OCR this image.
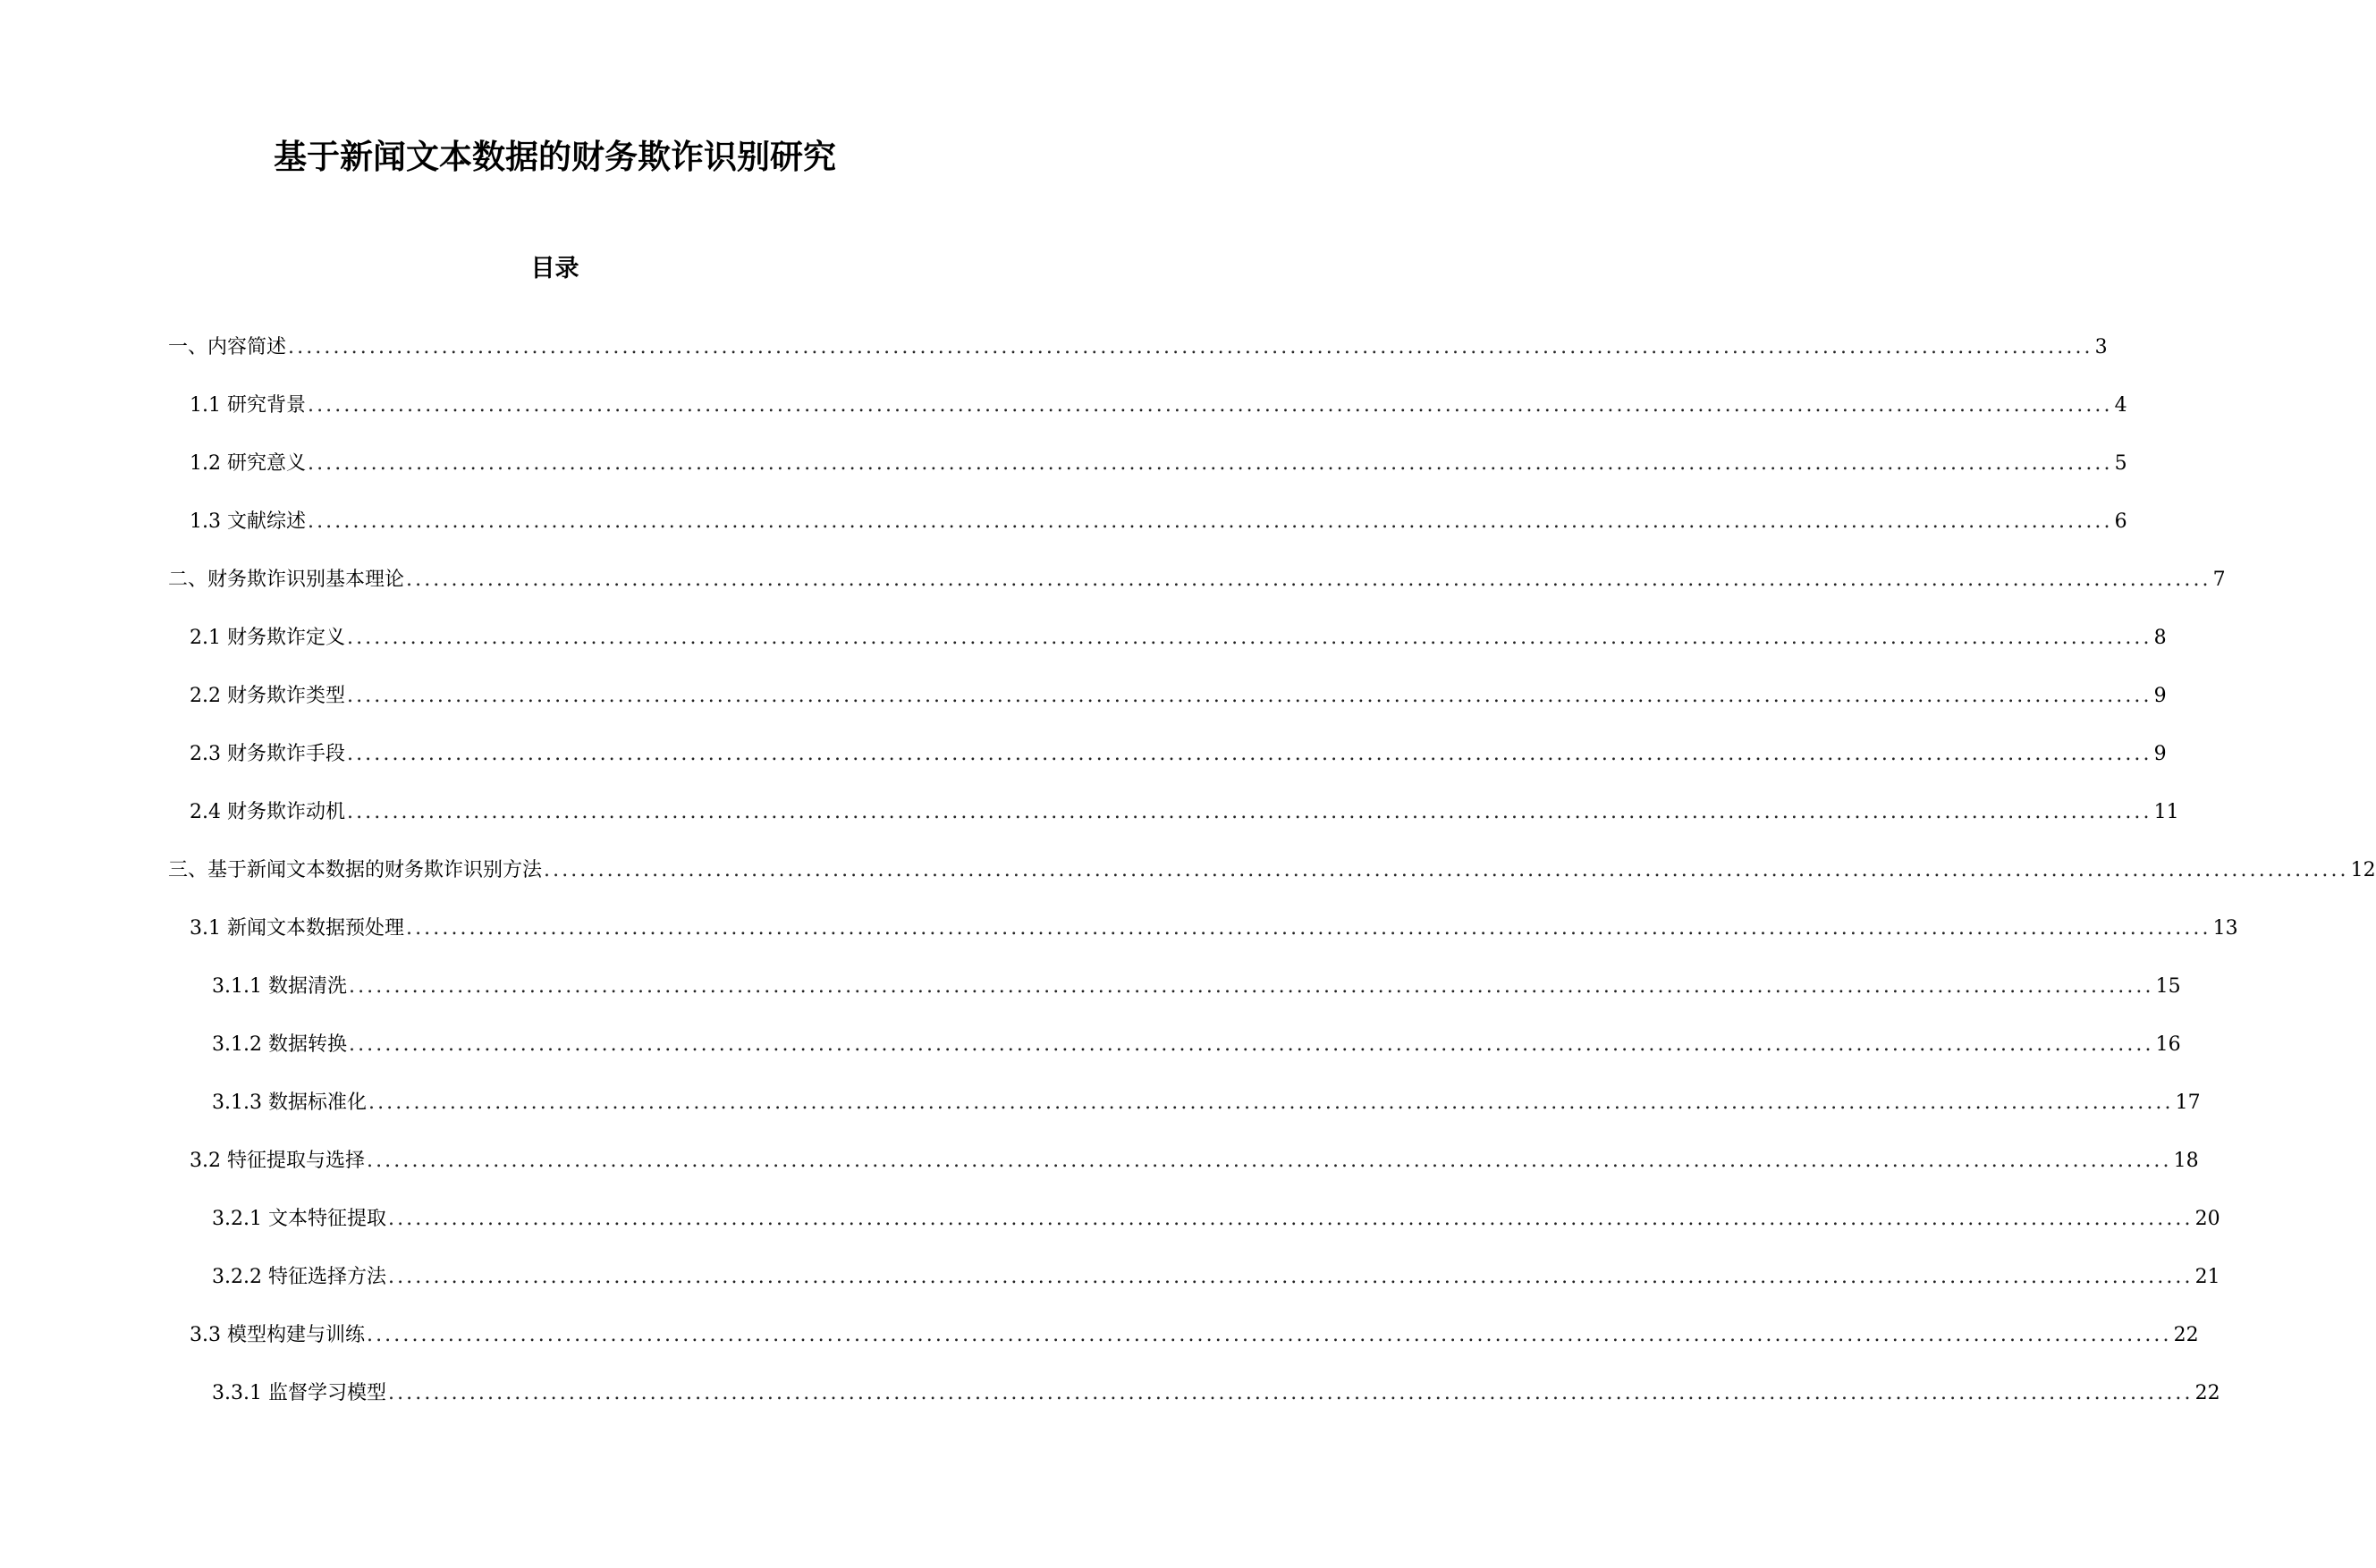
基于新闻文本数据的财务欺诈识别研究
目录
一、内容简述 ........................................................................................................................................................................................................ 3
1.1 研究背景 ........................................................................................................................................................................................................ 4
1.2 研究意义 ........................................................................................................................................................................................................ 5
1.3 文献综述 ........................................................................................................................................................................................................ 6
二、财务欺诈识别基本理论 ........................................................................................................................................................................................................ 7
2.1 财务欺诈定义 ........................................................................................................................................................................................................ 8
2.2 财务欺诈类型 ........................................................................................................................................................................................................ 9
2.3 财务欺诈手段 ........................................................................................................................................................................................................ 9
2.4 财务欺诈动机 ........................................................................................................................................................................................................ 11
三、基于新闻文本数据的财务欺诈识别方法 ........................................................................................................................................................................................................ 12
3.1 新闻文本数据预处理 ........................................................................................................................................................................................................ 13
3.1.1 数据清洗 ........................................................................................................................................................................................................ 15
3.1.2 数据转换 ........................................................................................................................................................................................................ 16
3.1.3 数据标准化 ........................................................................................................................................................................................................ 17
3.2 特征提取与选择 ........................................................................................................................................................................................................ 18
3.2.1 文本特征提取 ........................................................................................................................................................................................................ 20
3.2.2 特征选择方法 ........................................................................................................................................................................................................ 21
3.3 模型构建与训练 ........................................................................................................................................................................................................ 22
3.3.1 监督学习模型 ........................................................................................................................................................................................................ 22
